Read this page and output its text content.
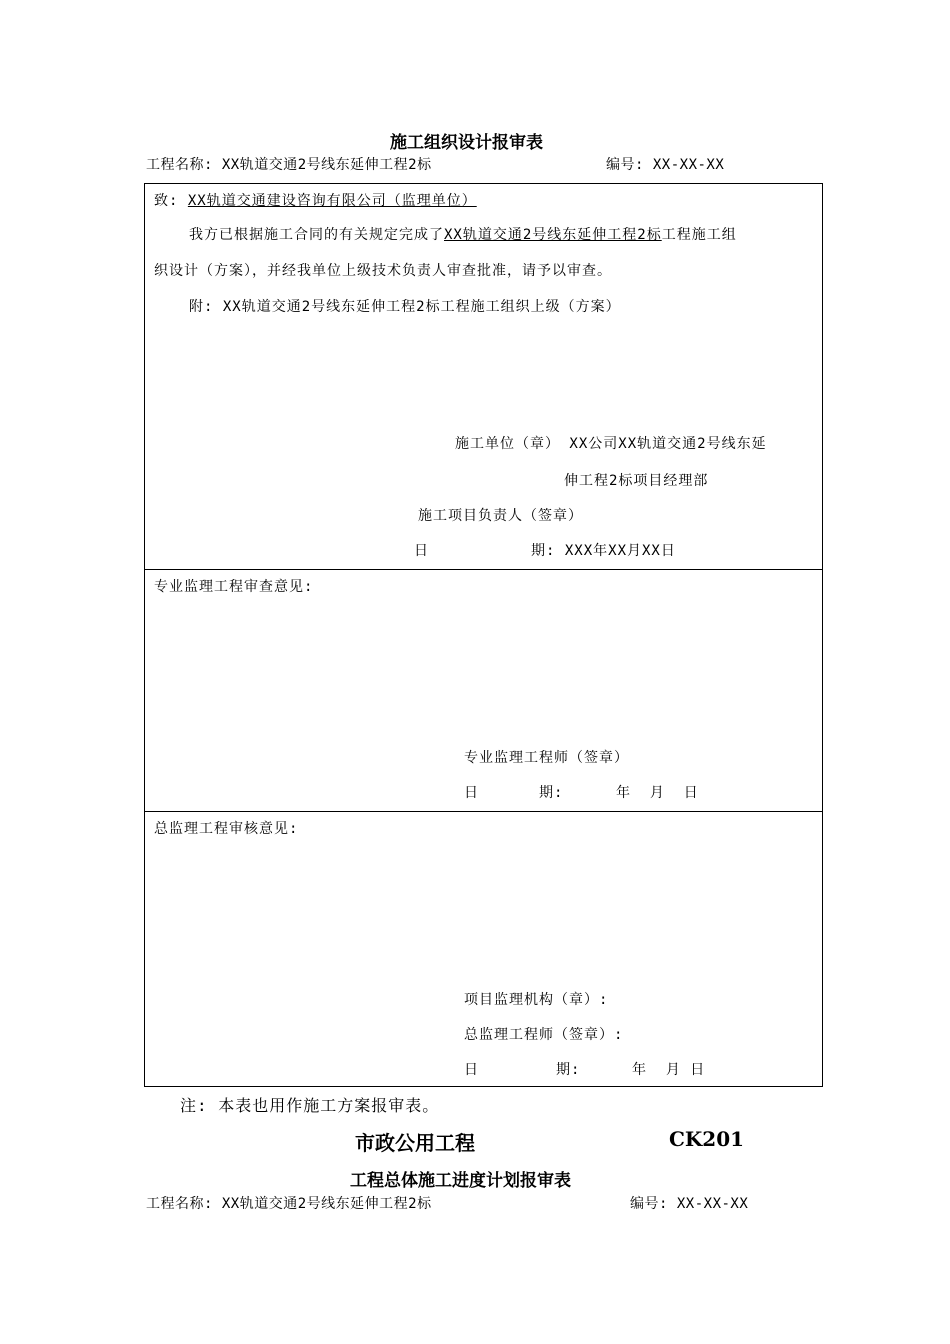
施工组织设计报审表
工程名称: XX轨道交通2号线东延伸工程2标	编号: XX-XX-XX
致: XX轨道交通建设咨询有限公司（监理单位）
我方已根据施工合同的有关规定完成了XX轨道交通2号线东延伸工程2标工程施工组
织设计（方案），并经我单位上级技术负责人审查批准，请予以审查。
附: XX轨道交通2号线东延伸工程2标工程施工组织上级（方案）
施工单位（章） XX公司XX轨道交通2号线东延
伸工程2标项目经理部
施工项目负责人（签章）
日	期: XXX年XX月XX日
专业监理工程审查意见:
专业监理工程师（签章）
日	期:	年  月  日
总监理工程审核意见:
项目监理机构（章）:
总监理工程师（签章）:
日	期:	年  月 日
注: 本表也用作施工方案报审表。
市政公用工程	CK201
工程总体施工进度计划报审表
工程名称: XX轨道交通2号线东延伸工程2标	编号: XX-XX-XX
